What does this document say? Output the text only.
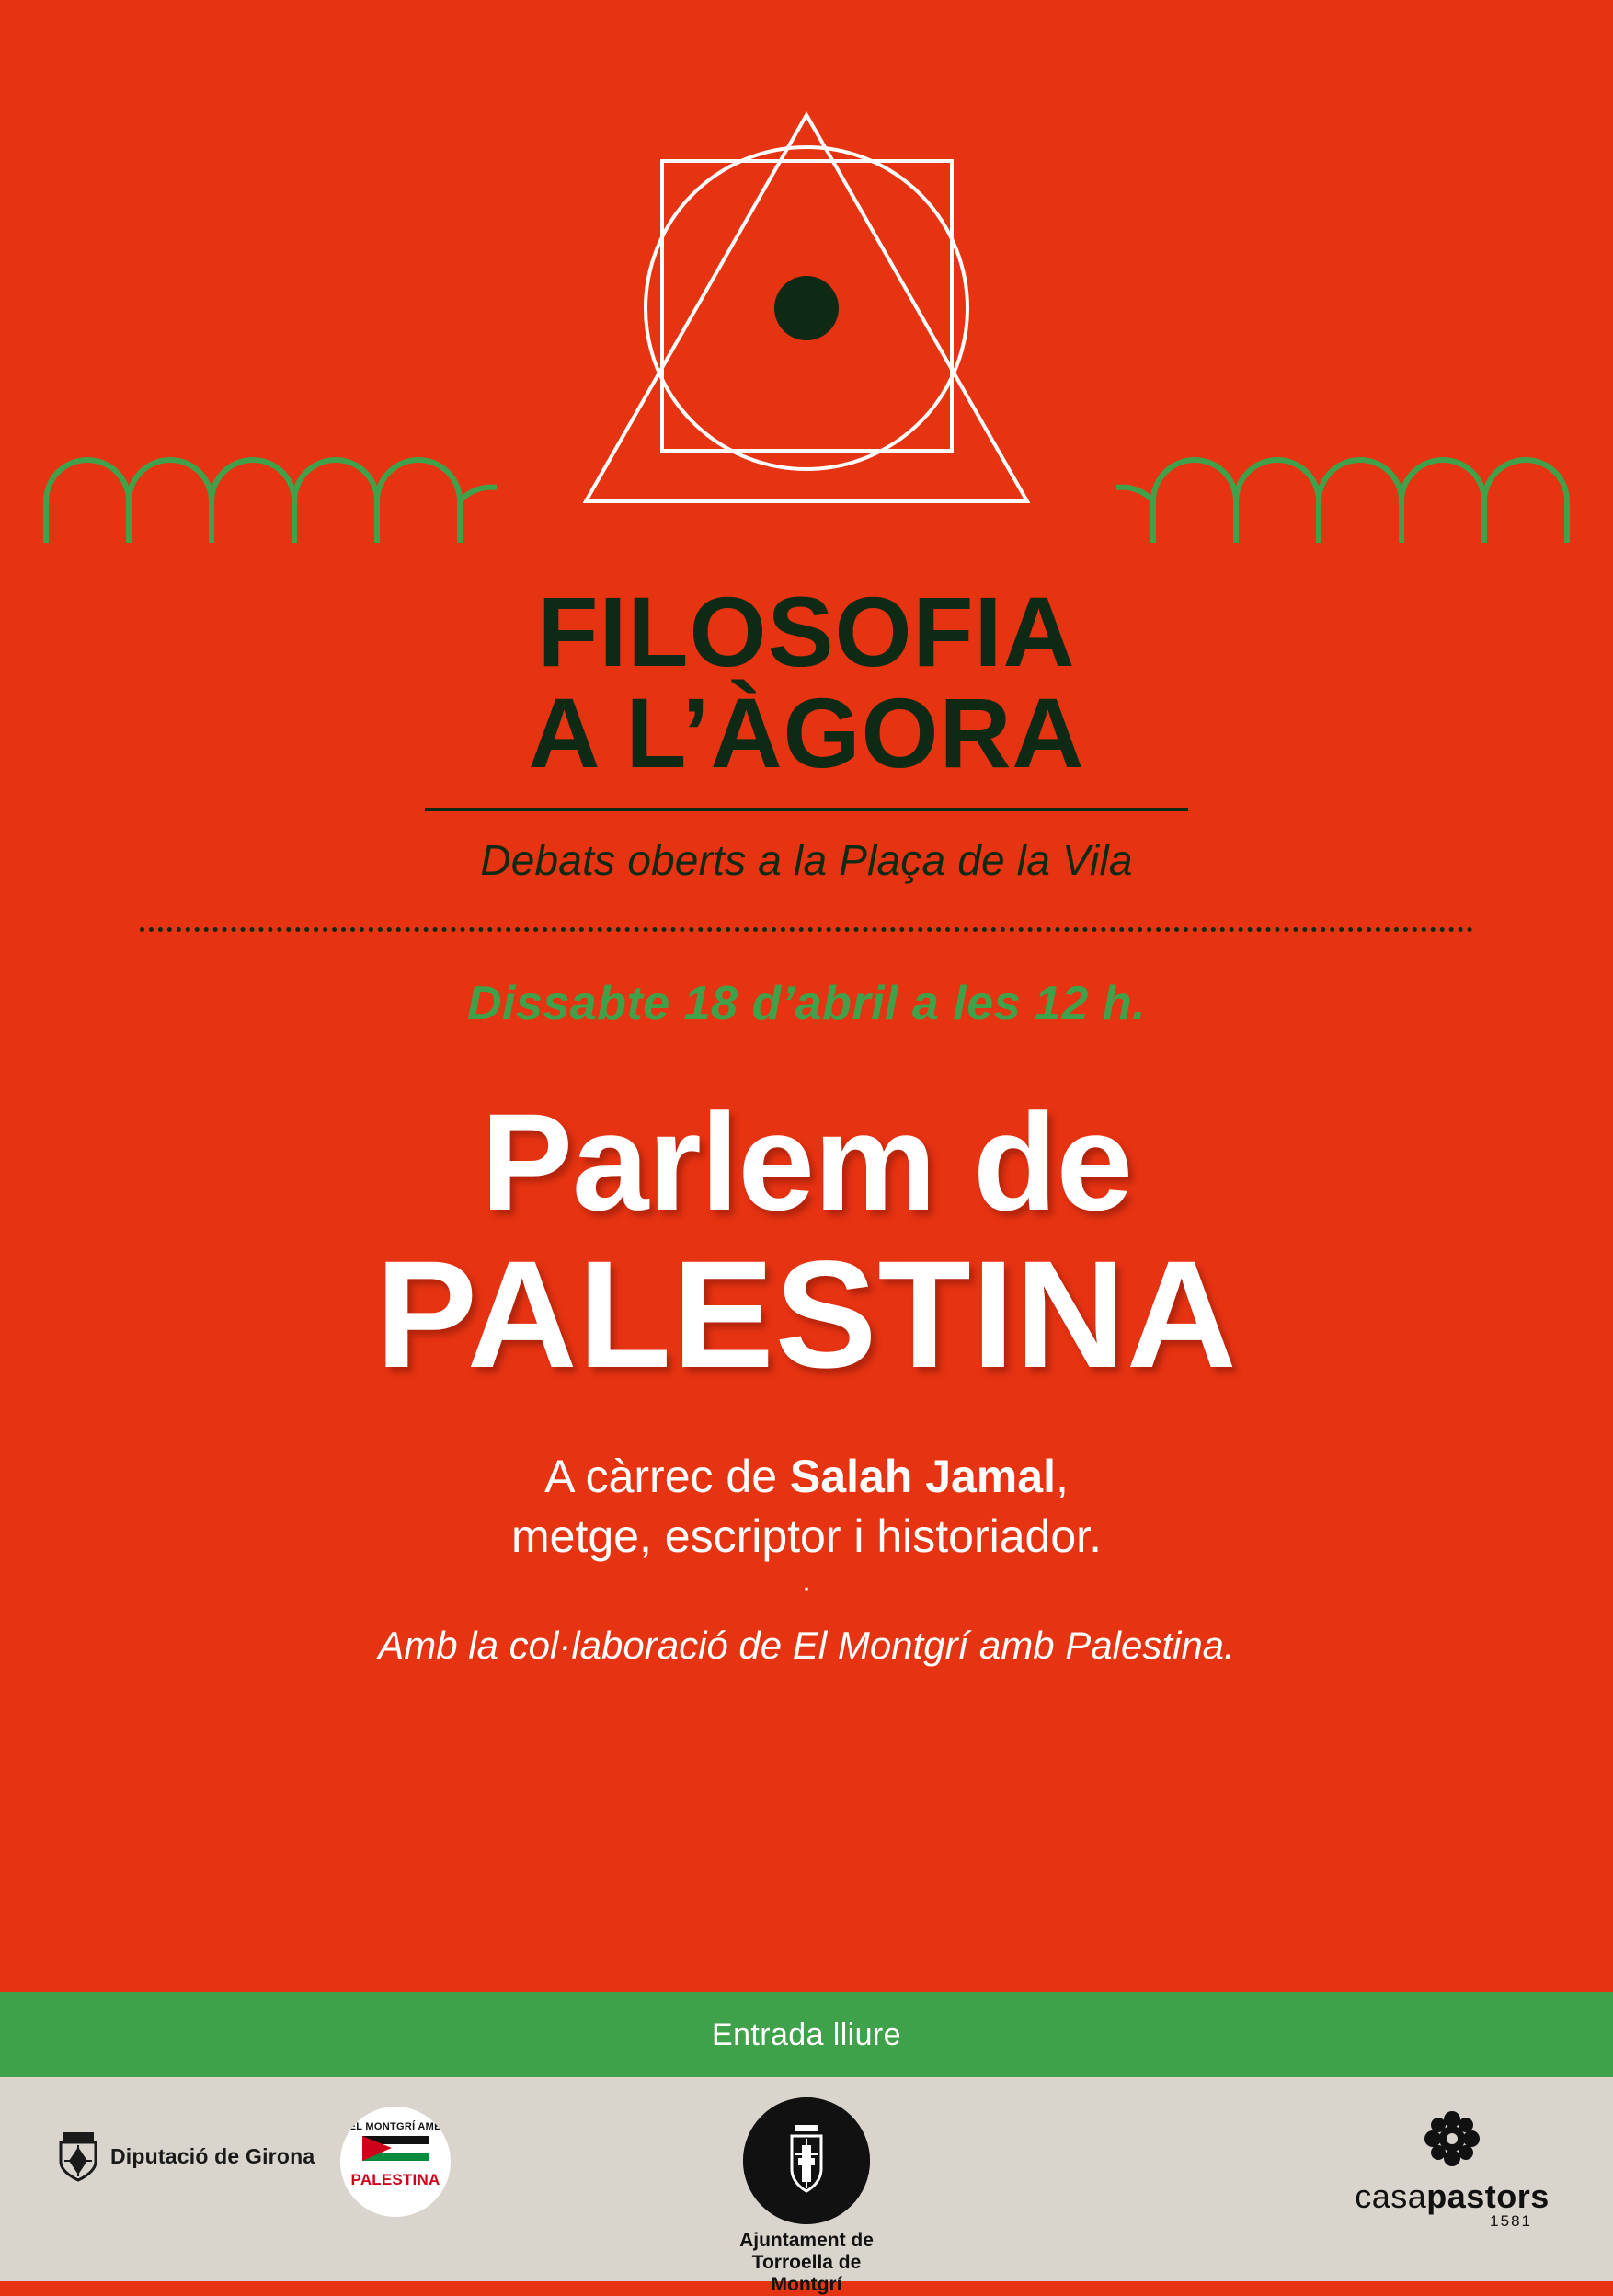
FILOSOFIA
A L’ÀGORA
Debats oberts a la Plaça de la Vila
Dissabte 18 d’abril a les 12 h.
Parlem de
PALESTINA
A càrrec de Salah Jamal,
metge, escriptor i historiador.
·
Amb la col·laboració de El Montgrí amb Palestina.
Entrada lliure
Diputació de Girona
EL MONTGRÍ AMB
PALESTINA
Ajuntament de
Torroella de Montgrí
casapastors
1581
